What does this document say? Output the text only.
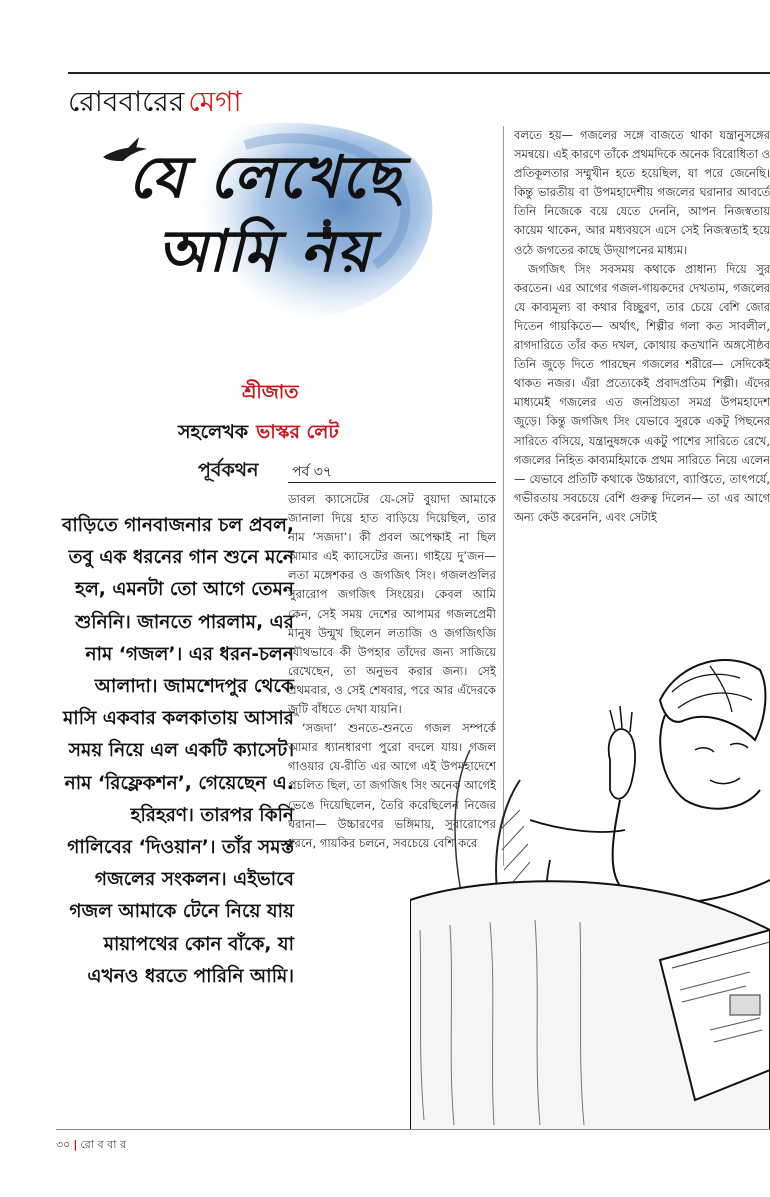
রোববারের মেগা
যে লেখেছে
আমি নয়
শ্রীজাত
সহলেখক ভাস্কর লেট
পূর্বকথন পর্ব ৩৭
বাড়িতে গানবাজনার চল প্রবল, তবু এক ধরনের গান শুনে মনে হল, এমনটা তো আগে তেমন শুনিনি। জানতে পারলাম, এর নাম ‘গজল’। এর ধরন-চলন আলাদা। জামশেদপুর থেকে মাসি একবার কলকাতায় আসার সময় নিয়ে এল একটি ক্যাসেট। নাম ‘রিফ্লেকশন’, গেয়েছেন এ. হরিহরণ। তারপর কিনি গালিবের ‘দিওয়ান’। তাঁর সমস্ত গজলের সংকলন। এইভাবে গজল আমাকে টেনে নিয়ে যায় মায়াপথের কোন বাঁকে, যা এখনও ধরতে পারিনি আমি।

ডাবল ক্যাসেটের যে-সেট বুয়াদা আমাকে জানালা দিয়ে হাত বাড়িয়ে দিয়েছিল, তার নাম ‘সজদা’। কী প্রবল অপেক্ষাই না ছিল আমার এই ক্যাসেটের জন্য। গাইয়ে দু’জন— লতা মঙ্গেশকর ও জগজিৎ সিং। গজলগুলির সুরারোপ জগজিৎ সিংয়ের। কেবল আমি কেন, সেই সময় দেশের আপামর গজলপ্রেমী মানুষ উন্মুখ ছিলেন লতাজি ও জগজিৎজি যৌথভাবে কী উপহার তাঁদের জন্য সাজিয়ে রেখেছেন, তা অনুভব করার জন্য। সেই প্রথমবার, ও সেই শেষবার, পরে আর এঁদেরকে জুটি বাঁধতে দেখা যায়নি।

‘সজদা’ শুনতে-শুনতে গজল সম্পর্কে আমার ধ্যানধারণা পুরো বদলে যায়। গজল গাওয়ার যে-রীতি এর আগে এই উপমহাদেশে প্রচলিত ছিল, তা জগজিৎ সিং অনেক আগেই ভেঙে দিয়েছিলেন, তৈরি করেছিলেন নিজের ঘরানা— উচ্চারণের ভঙ্গিমায়, সুরারোপের ধরনে, গায়কির চলনে, সবচেয়ে বেশি করে

বলতে হয়— গজলের সঙ্গে বাজতে থাকা যন্ত্রানুসঙ্গের সমন্বয়ে। এই কারণে তাঁকে প্রথমদিকে অনেক বিরোধিতা ও প্রতিকূলতার সম্মুখীন হতে হয়েছিল, যা পরে জেনেছি। কিন্তু ভারতীয় বা উপমহাদেশীয় গজলের ঘরানার আবর্তে তিনি নিজেকে বয়ে যেতে দেননি, আপন নিজস্বতায় কায়েম থাকেন, আর মধ্যবয়সে এসে সেই নিজস্বতাই হয়ে ওঠে জগতের কাছে উদ্‌যাপনের মাধ্যম।

জগজিৎ সিং সবসময় কথাকে প্রাধান্য দিয়ে সুর করতেন। এর আগের গজল-গায়কদের দেখতাম, গজলের যে কাব্যমূল্য বা কথার বিচ্ছুরণ, তার চেয়ে বেশি জোর দিতেন গায়কিতে— অর্থাৎ, শিল্পীর গলা কত সাবলীল, রাগদারিতে তাঁর কত দখল, কোথায় কতখানি অঙ্গসৌষ্ঠব তিনি জুড়ে দিতে পারছেন গজলের শরীরে— সেদিকেই থাকত নজর। এঁরা প্রত্যেকেই প্রবাদপ্রতিম শিল্পী। এঁদের মাধ্যমেই গজলের এত জনপ্রিয়তা সমগ্র উপমহাদেশ জুড়ে। কিন্তু জগজিৎ সিং যেভাবে সুরকে একটু পিছনের সারিতে বসিয়ে, যন্ত্রানুষঙ্গকে একটু পাশের সারিতে রেখে, গজলের নিহিত কাব্যমহিমাকে প্রথম সারিতে নিয়ে এলেন— যেভাবে প্রতিটি কথাকে উচ্চারণে, ব্যাপ্তিতে, তাৎপর্যে, গভীরতায় সবচেয়ে বেশি গুরুত্ব দিলেন— তা এর আগে অন্য কেউ করেননি, এবং সেটাই

৩০ | রো ব বা র
